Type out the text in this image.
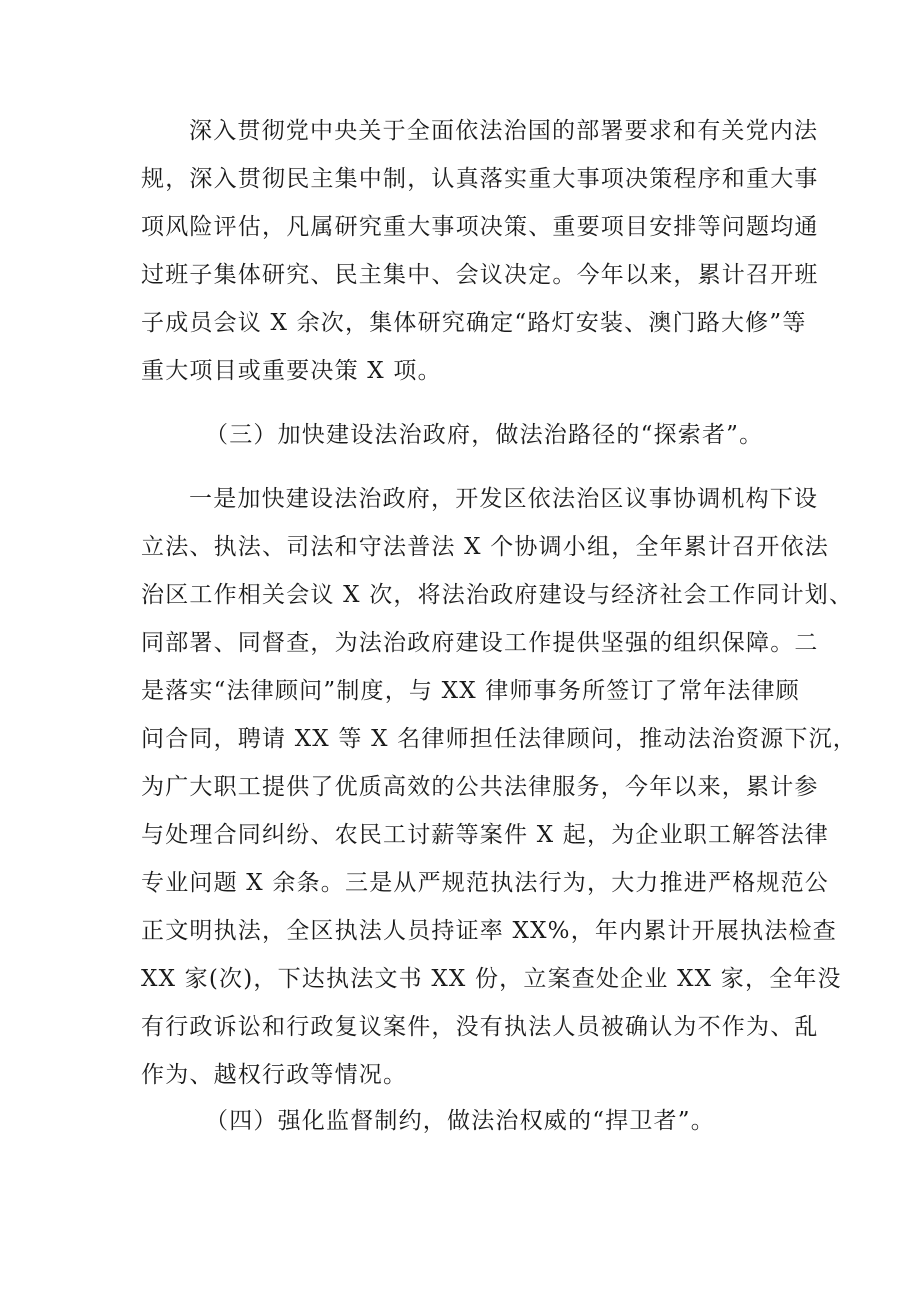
深入贯彻党中央关于全面依法治国的部署要求和有关党内法
规，深入贯彻民主集中制，认真落实重大事项决策程序和重大事
项风险评估，凡属研究重大事项决策、重要项目安排等问题均通
过班子集体研究、民主集中、会议决定。今年以来，累计召开班
子成员会议 X 余次，集体研究确定“路灯安装、澳门路大修”等
重大项目或重要决策 X 项。
（三）加快建设法治政府，做法治路径的“探索者”。
一是加快建设法治政府，开发区依法治区议事协调机构下设
立法、执法、司法和守法普法 X 个协调小组，全年累计召开依法
治区工作相关会议 X 次，将法治政府建设与经济社会工作同计划、
同部署、同督查，为法治政府建设工作提供坚强的组织保障。二
是落实“法律顾问”制度，与 XX 律师事务所签订了常年法律顾
问合同，聘请 XX 等 X 名律师担任法律顾问，推动法治资源下沉，
为广大职工提供了优质高效的公共法律服务，今年以来，累计参
与处理合同纠纷、农民工讨薪等案件 X 起，为企业职工解答法律
专业问题 X 余条。三是从严规范执法行为，大力推进严格规范公
正文明执法，全区执法人员持证率 XX%，年内累计开展执法检查
XX 家(次)，下达执法文书 XX 份，立案查处企业 XX 家，全年没
有行政诉讼和行政复议案件，没有执法人员被确认为不作为、乱
作为、越权行政等情况。
（四）强化监督制约，做法治权威的“捍卫者”。
